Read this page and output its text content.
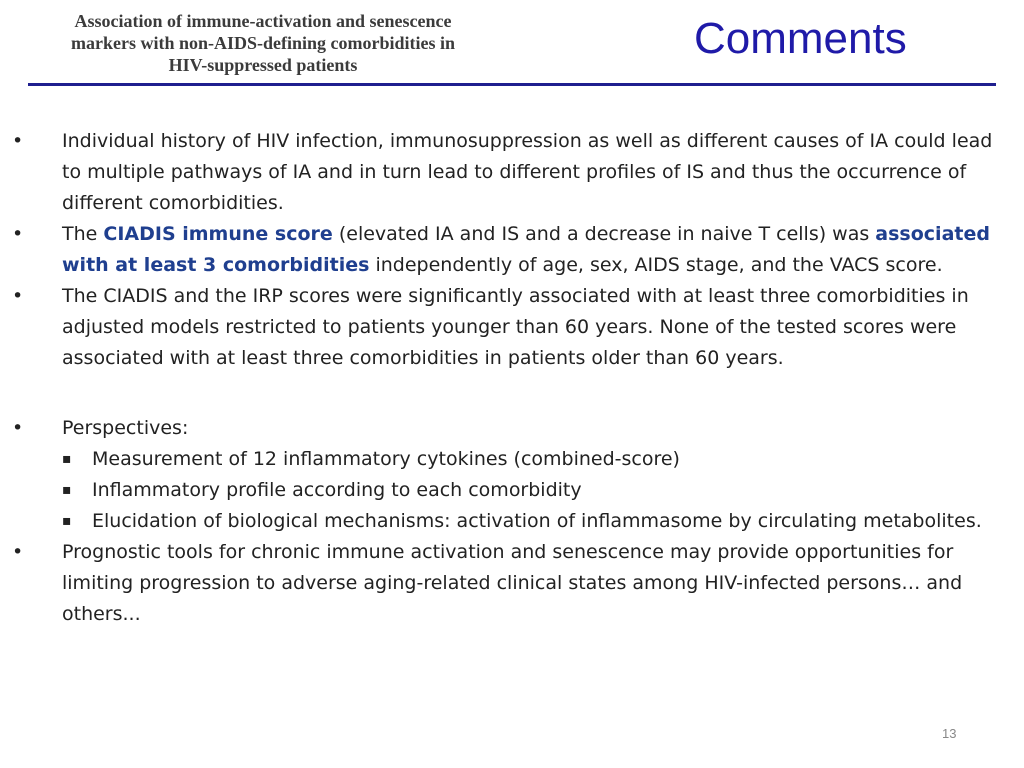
Association of immune-activation and senescence
markers with non-AIDS-defining comorbidities in
HIV-suppressed patients
Comments
• Individual history of HIV infection, immunosuppression as well as different causes of IA could lead to multiple pathways of IA and in turn lead to different profiles of IS and thus the occurrence of different comorbidities.
• The CIADIS immune score (elevated IA and IS and a decrease in naive T cells) was associated with at least 3 comorbidities independently of age, sex, AIDS stage, and the VACS score.
• The CIADIS and the IRP scores were significantly associated with at least three comorbidities in adjusted models restricted to patients younger than 60 years. None of the tested scores were associated with at least three comorbidities in patients older than 60 years.
• Perspectives:
▪ Measurement of 12 inflammatory cytokines (combined-score)
▪ Inflammatory profile according to each comorbidity
▪ Elucidation of biological mechanisms: activation of inflammasome by circulating metabolites.
• Prognostic tools for chronic immune activation and senescence may provide opportunities for limiting progression to adverse aging-related clinical states among HIV-infected persons… and others...
13
